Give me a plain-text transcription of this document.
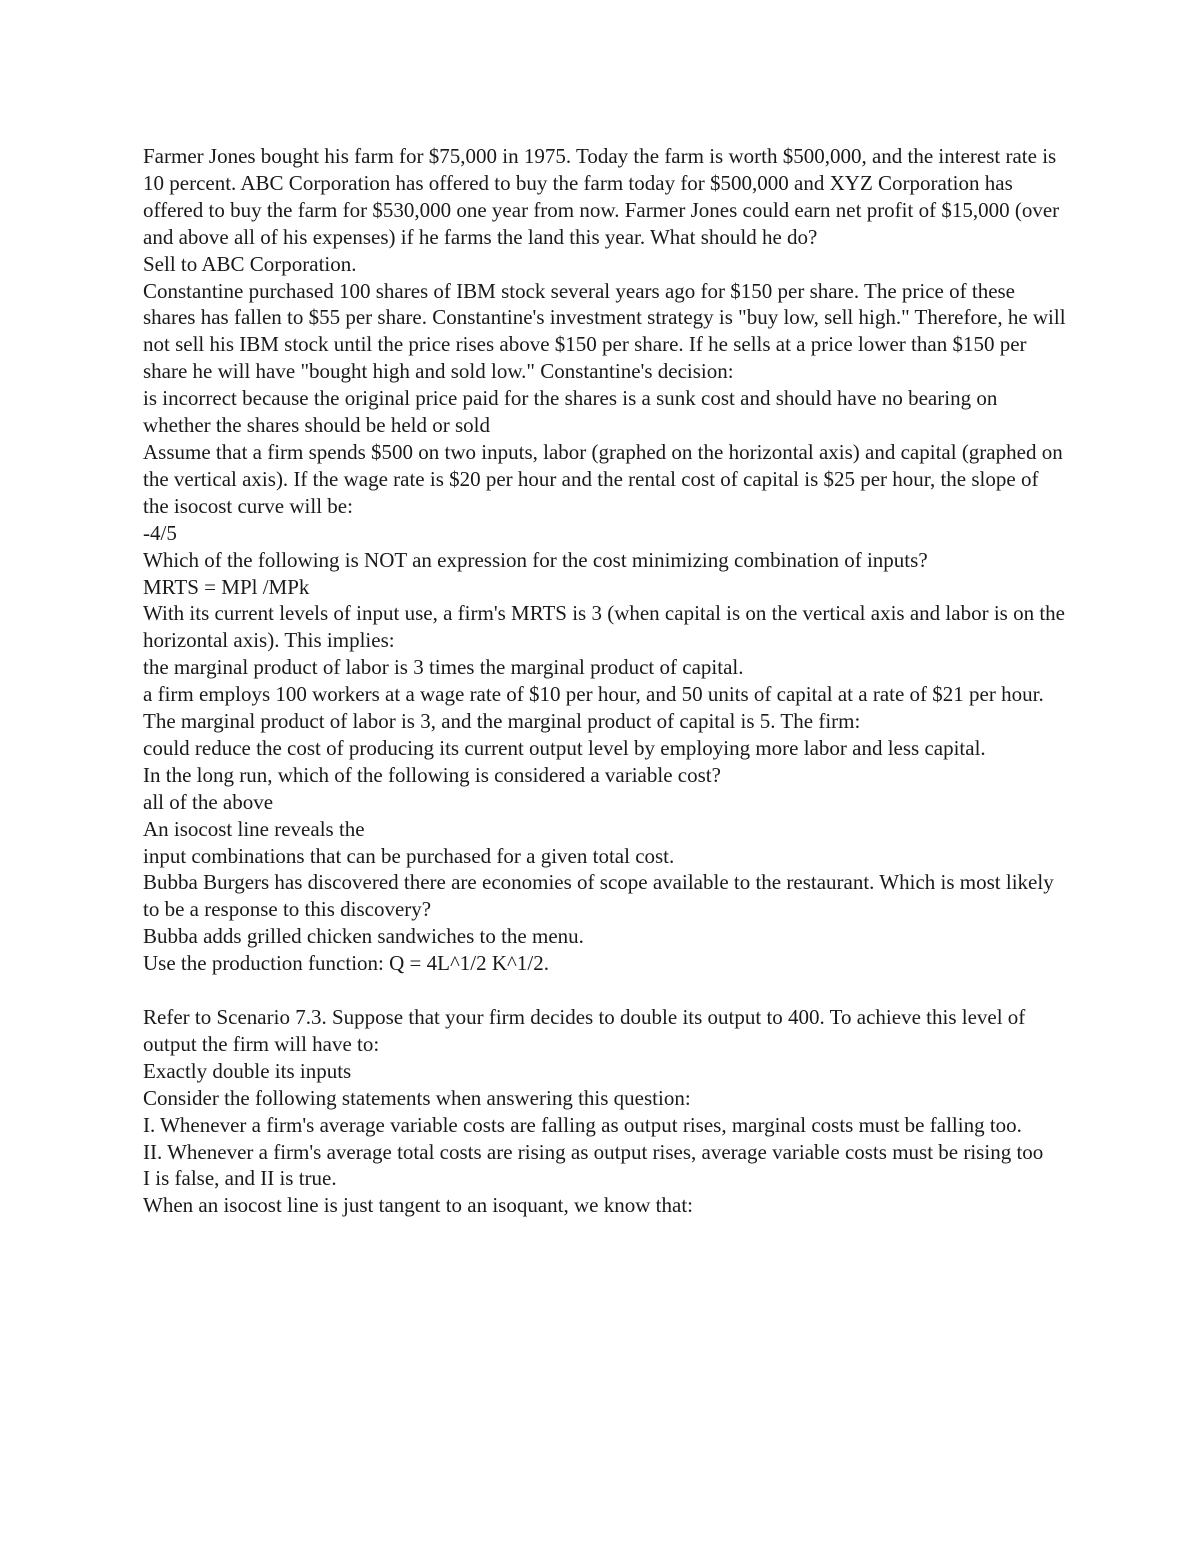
Farmer Jones bought his farm for $75,000 in 1975. Today the farm is worth $500,000, and the interest rate is 10 percent. ABC Corporation has offered to buy the farm today for $500,000 and XYZ Corporation has offered to buy the farm for $530,000 one year from now. Farmer Jones could earn net profit of $15,000 (over and above all of his expenses) if he farms the land this year. What should he do?

Sell to ABC Corporation.

Constantine purchased 100 shares of IBM stock several years ago for $150 per share. The price of these shares has fallen to $55 per share. Constantine's investment strategy is "buy low, sell high." Therefore, he will not sell his IBM stock until the price rises above $150 per share. If he sells at a price lower than $150 per share he will have "bought high and sold low." Constantine's decision:

is incorrect because the original price paid for the shares is a sunk cost and should have no bearing on whether the shares should be held or sold

Assume that a firm spends $500 on two inputs, labor (graphed on the horizontal axis) and capital (graphed on the vertical axis). If the wage rate is $20 per hour and the rental cost of capital is $25 per hour, the slope of the isocost curve will be:

-4/5

Which of the following is NOT an expression for the cost minimizing combination of inputs?

MRTS = MPl /MPk

With its current levels of input use, a firm's MRTS is 3 (when capital is on the vertical axis and labor is on the horizontal axis). This implies:

the marginal product of labor is 3 times the marginal product of capital.

a firm employs 100 workers at a wage rate of $10 per hour, and 50 units of capital at a rate of $21 per hour. The marginal product of labor is 3, and the marginal product of capital is 5. The firm:

could reduce the cost of producing its current output level by employing more labor and less capital.

In the long run, which of the following is considered a variable cost?

all of the above

An isocost line reveals the

input combinations that can be purchased for a given total cost.

Bubba Burgers has discovered there are economies of scope available to the restaurant. Which is most likely to be a response to this discovery?

Bubba adds grilled chicken sandwiches to the menu.

Use the production function: Q = 4L^1/2 K^1/2.

Refer to Scenario 7.3. Suppose that your firm decides to double its output to 400. To achieve this level of output the firm will have to:

Exactly double its inputs

Consider the following statements when answering this question:

I. Whenever a firm's average variable costs are falling as output rises, marginal costs must be falling too.

II. Whenever a firm's average total costs are rising as output rises, average variable costs must be rising too

I is false, and II is true.

When an isocost line is just tangent to an isoquant, we know that:
